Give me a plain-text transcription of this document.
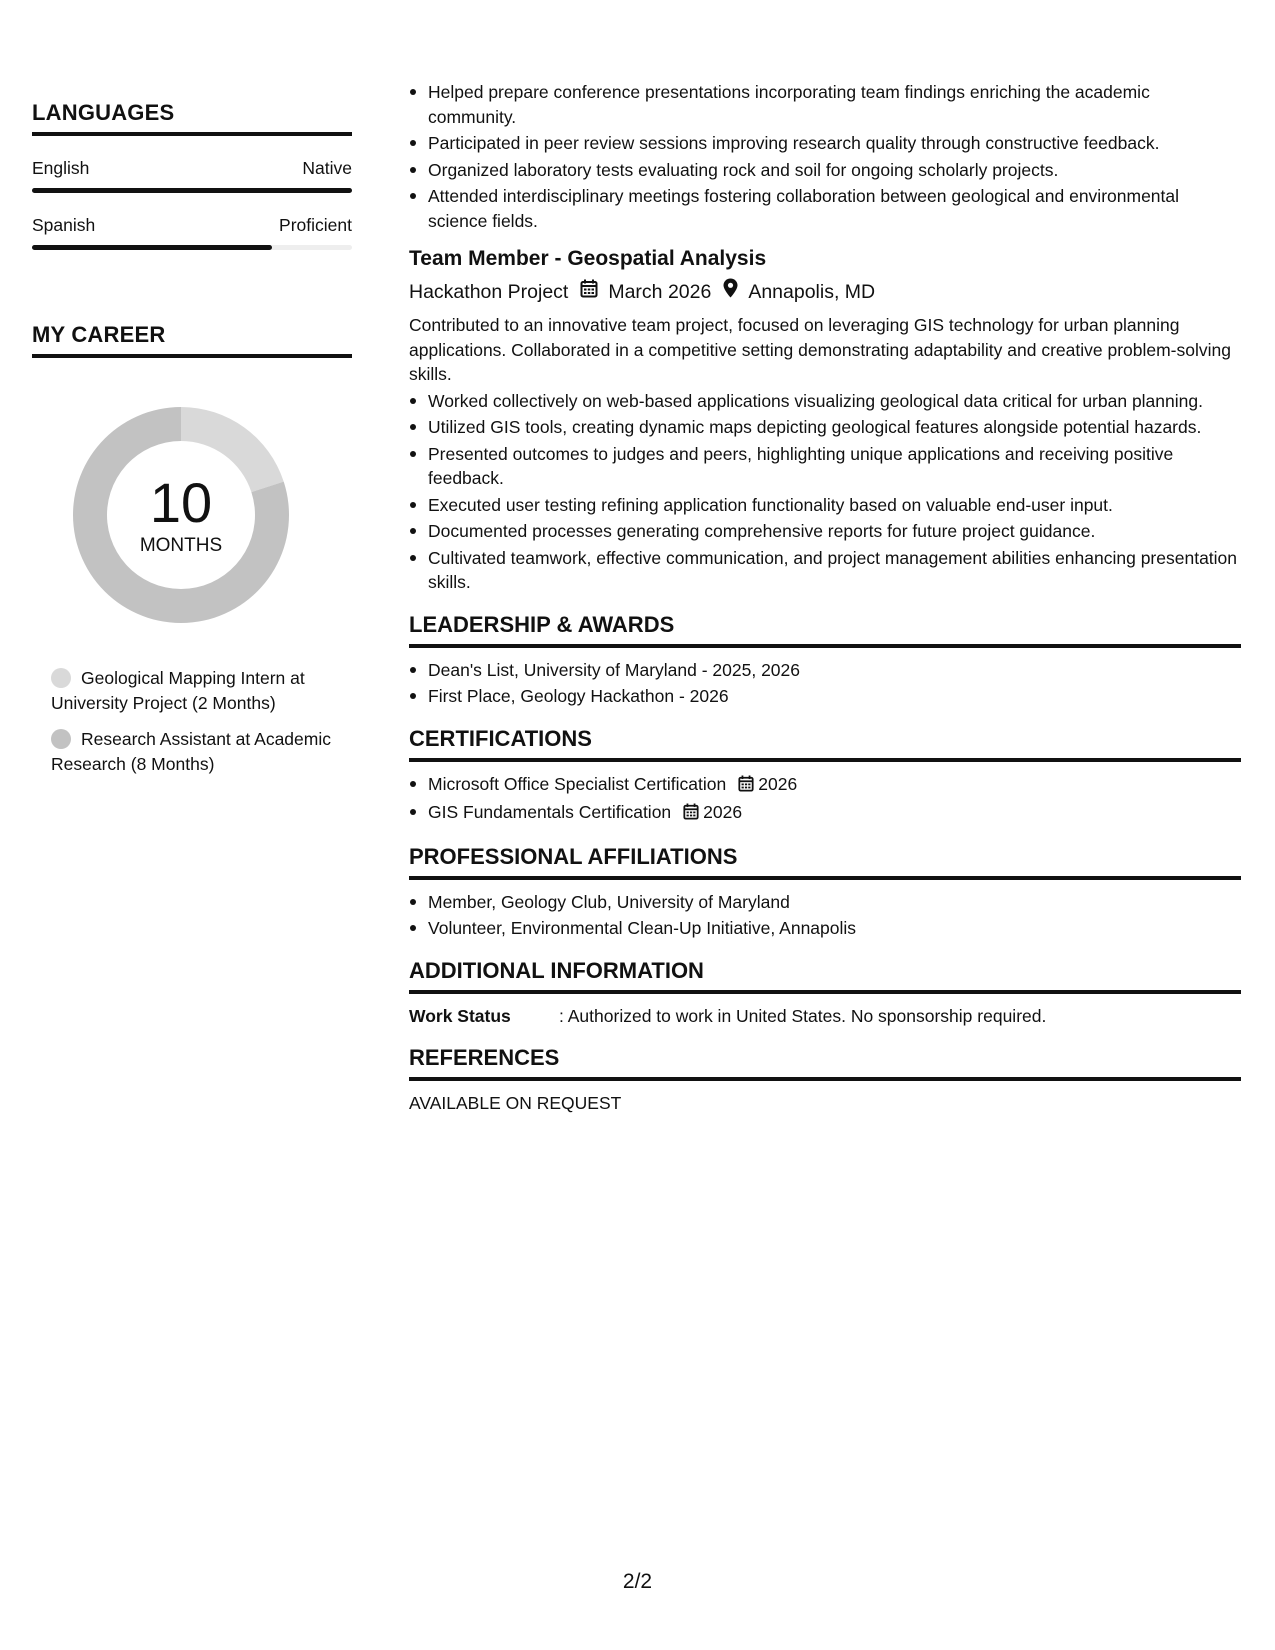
LANGUAGES
English	Native
Spanish	Proficient
MY CAREER
10
MONTHS
Geological Mapping Intern at University Project (2 Months)
Research Assistant at Academic Research (8 Months)
Helped prepare conference presentations incorporating team findings enriching the academic community.
Participated in peer review sessions improving research quality through constructive feedback.
Organized laboratory tests evaluating rock and soil for ongoing scholarly projects.
Attended interdisciplinary meetings fostering collaboration between geological and environmental science fields.
Team Member - Geospatial Analysis
Hackathon Project March 2026 Annapolis, MD
Contributed to an innovative team project, focused on leveraging GIS technology for urban planning applications. Collaborated in a competitive setting demonstrating adaptability and creative problem-solving skills.
Worked collectively on web-based applications visualizing geological data critical for urban planning.
Utilized GIS tools, creating dynamic maps depicting geological features alongside potential hazards.
Presented outcomes to judges and peers, highlighting unique applications and receiving positive feedback.
Executed user testing refining application functionality based on valuable end-user input.
Documented processes generating comprehensive reports for future project guidance.
Cultivated teamwork, effective communication, and project management abilities enhancing presentation skills.
LEADERSHIP & AWARDS
Dean's List, University of Maryland - 2025, 2026
First Place, Geology Hackathon - 2026
CERTIFICATIONS
Microsoft Office Specialist Certification 2026
GIS Fundamentals Certification 2026
PROFESSIONAL AFFILIATIONS
Member, Geology Club, University of Maryland
Volunteer, Environmental Clean-Up Initiative, Annapolis
ADDITIONAL INFORMATION
Work Status	: Authorized to work in United States. No sponsorship required.
REFERENCES
AVAILABLE ON REQUEST
2/2
